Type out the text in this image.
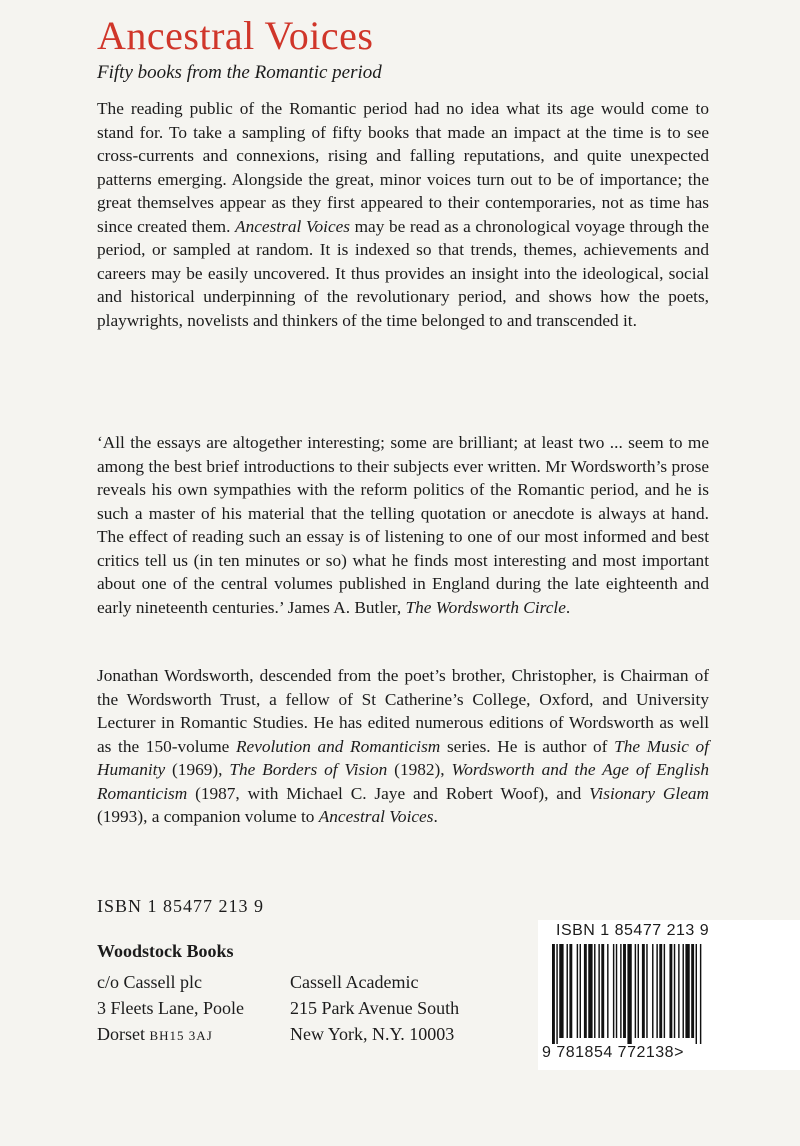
Ancestral Voices

Fifty books from the Romantic period

The reading public of the Romantic period had no idea what its age would come to stand for. To take a sampling of fifty books that made an impact at the time is to see cross-currents and connexions, rising and falling reputations, and quite unexpected patterns emerging. Alongside the great, minor voices turn out to be of importance; the great themselves appear as they first appeared to their contemporaries, not as time has since created them. Ancestral Voices may be read as a chronological voyage through the period, or sampled at random. It is indexed so that trends, themes, achievements and careers may be easily uncovered. It thus provides an insight into the ideological, social and historical underpinning of the revolutionary period, and shows how the poets, playwrights, novelists and thinkers of the time belonged to and transcended it.

‘All the essays are altogether interesting; some are brilliant; at least two ... seem to me among the best brief introductions to their subjects ever written. Mr Wordsworth’s prose reveals his own sympathies with the reform politics of the Romantic period, and he is such a master of his material that the telling quotation or anecdote is always at hand. The effect of reading such an essay is of listening to one of our most informed and best critics tell us (in ten minutes or so) what he finds most interesting and most important about one of the central volumes published in England during the late eighteenth and early nineteenth centuries.’ James A. Butler, The Wordsworth Circle.

Jonathan Wordsworth, descended from the poet’s brother, Christopher, is Chairman of the Wordsworth Trust, a fellow of St Catherine’s College, Oxford, and University Lecturer in Romantic Studies. He has edited numerous editions of Wordsworth as well as the 150-volume Revolution and Romanticism series. He is author of The Music of Humanity (1969), The Borders of Vision (1982), Wordsworth and the Age of English Romanticism (1987, with Michael C. Jaye and Robert Woof), and Visionary Gleam (1993), a companion volume to Ancestral Voices.

ISBN 1 85477 213 9
Woodstock Books
c/o Cassell plc
3 Fleets Lane, Poole
Dorset BH15 3AJ
Cassell Academic
215 Park Avenue South
New York, N.Y. 10003
ISBN 1 85477 213 9
9 781854 772138>
